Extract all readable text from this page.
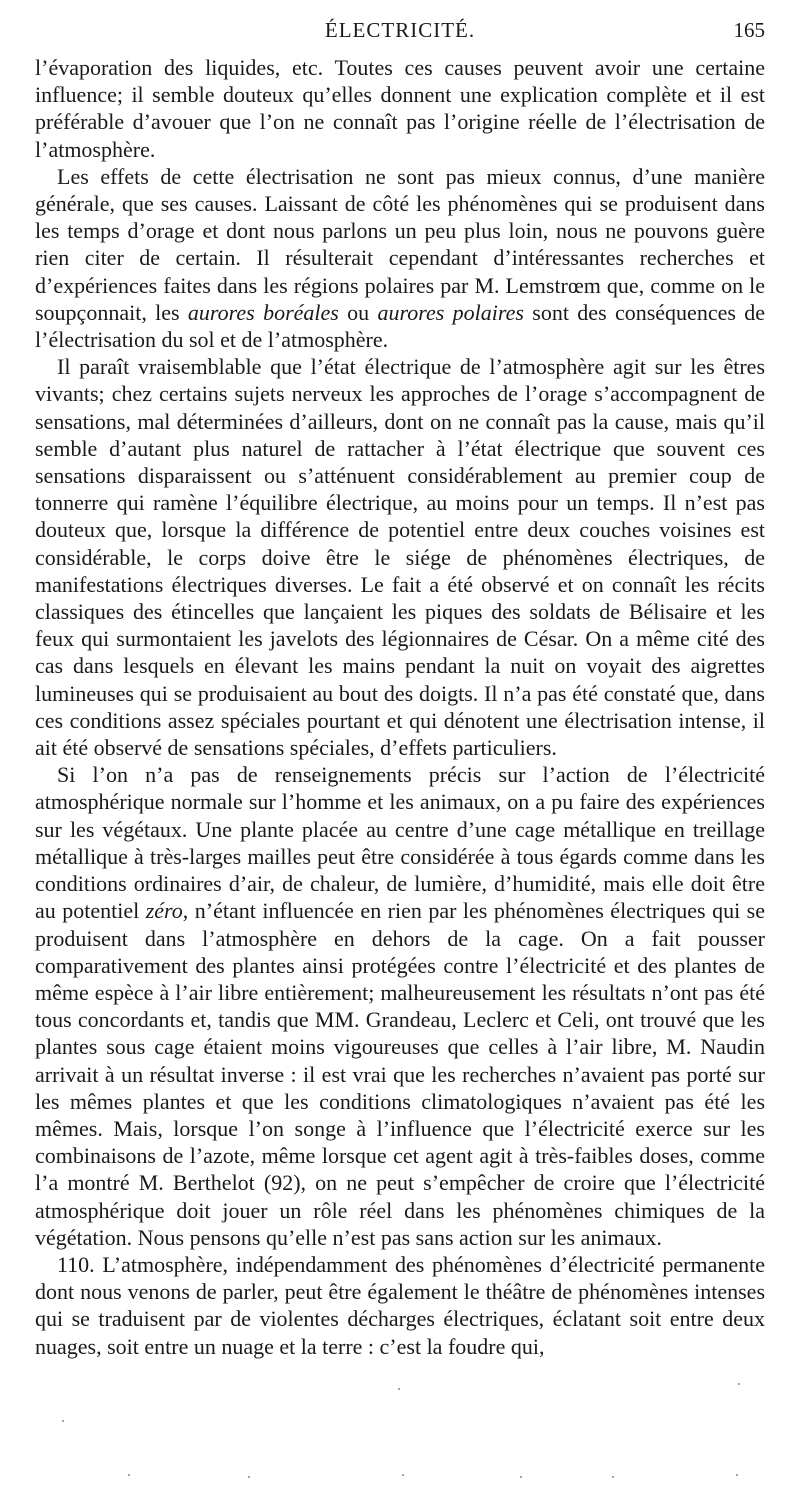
ÉLECTRICITÉ.	165

l’évaporation des liquides, etc. Toutes ces causes peuvent avoir une certaine influence; il semble douteux qu’elles donnent une explication complète et il est préférable d’avouer que l’on ne connaît pas l’origine réelle de l’électrisation de l’atmosphère.

Les effets de cette électrisation ne sont pas mieux connus, d’une manière générale, que ses causes. Laissant de côté les phénomènes qui se produisent dans les temps d’orage et dont nous parlons un peu plus loin, nous ne pouvons guère rien citer de certain. Il résulterait cependant d’intéressantes recherches et d’expériences faites dans les régions polaires par M. Lemstrœm que, comme on le soupçonnait, les aurores boréales ou aurores polaires sont des conséquences de l’électrisation du sol et de l’atmosphère.

Il paraît vraisemblable que l’état électrique de l’atmosphère agit sur les êtres vivants; chez certains sujets nerveux les approches de l’orage s’accompagnent de sensations, mal déterminées d’ailleurs, dont on ne connaît pas la cause, mais qu’il semble d’autant plus naturel de rattacher à l’état électrique que souvent ces sensations disparaissent ou s’atténuent considérablement au premier coup de tonnerre qui ramène l’équilibre électrique, au moins pour un temps. Il n’est pas douteux que, lorsque la différence de potentiel entre deux couches voisines est considérable, le corps doive être le siége de phénomènes électriques, de manifestations électriques diverses. Le fait a été observé et on connaît les récits classiques des étincelles que lançaient les piques des soldats de Bélisaire et les feux qui surmontaient les javelots des légionnaires de César. On a même cité des cas dans lesquels en élevant les mains pendant la nuit on voyait des aigrettes lumineuses qui se produisaient au bout des doigts. Il n’a pas été constaté que, dans ces conditions assez spéciales pourtant et qui dénotent une électrisation intense, il ait été observé de sensations spéciales, d’effets particuliers.

Si l’on n’a pas de renseignements précis sur l’action de l’électricité atmosphérique normale sur l’homme et les animaux, on a pu faire des expériences sur les végétaux. Une plante placée au centre d’une cage métallique en treillage métallique à très-larges mailles peut être considérée à tous égards comme dans les conditions ordinaires d’air, de chaleur, de lumière, d’humidité, mais elle doit être au potentiel zéro, n’étant influencée en rien par les phénomènes électriques qui se produisent dans l’atmosphère en dehors de la cage. On a fait pousser comparativement des plantes ainsi protégées contre l’électricité et des plantes de même espèce à l’air libre entièrement; malheureusement les résultats n’ont pas été tous concordants et, tandis que MM. Grandeau, Leclerc et Celi, ont trouvé que les plantes sous cage étaient moins vigoureuses que celles à l’air libre, M. Naudin arrivait à un résultat inverse : il est vrai que les recherches n’avaient pas porté sur les mêmes plantes et que les conditions climatologiques n’avaient pas été les mêmes. Mais, lorsque l’on songe à l’influence que l’électricité exerce sur les combinaisons de l’azote, même lorsque cet agent agit à très-faibles doses, comme l’a montré M. Berthelot (92), on ne peut s’empêcher de croire que l’électricité atmosphérique doit jouer un rôle réel dans les phénomènes chimiques de la végétation. Nous pensons qu’elle n’est pas sans action sur les animaux.

110. L’atmosphère, indépendamment des phénomènes d’électricité permanente dont nous venons de parler, peut être également le théâtre de phénomènes intenses qui se traduisent par de violentes décharges électriques, éclatant soit entre deux nuages, soit entre un nuage et la terre : c’est la foudre qui,
